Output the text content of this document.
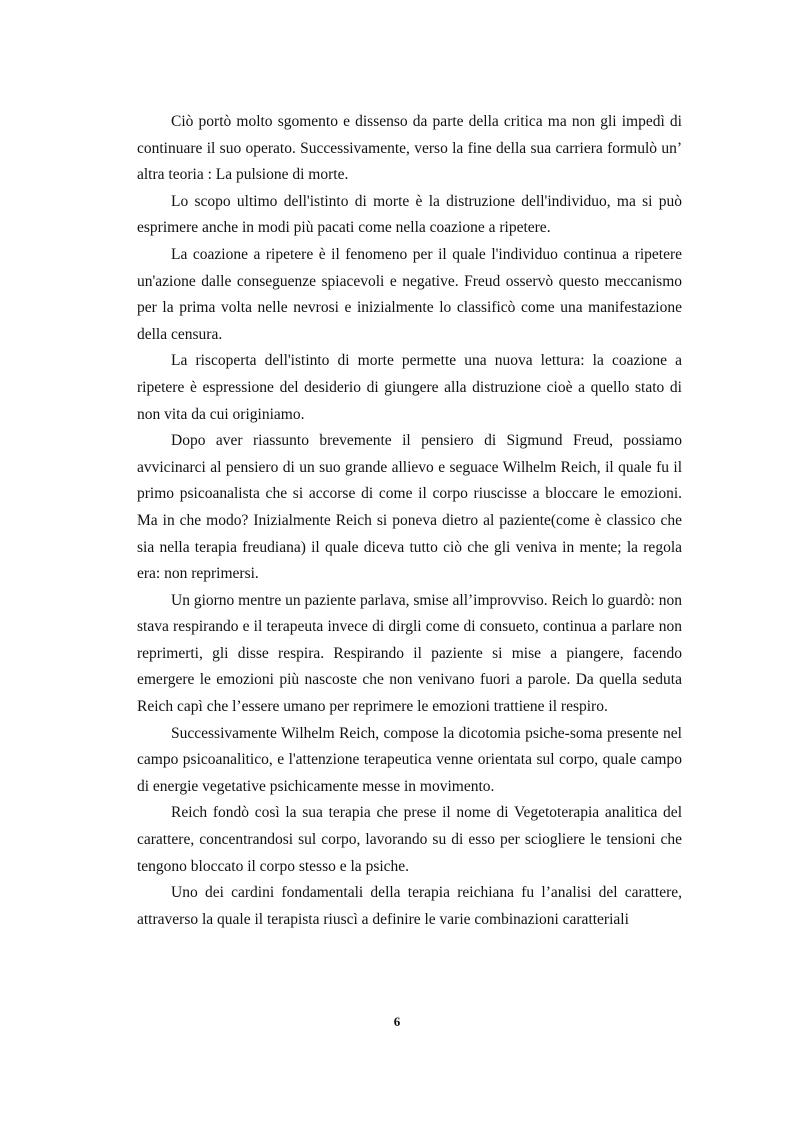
Ciò portò molto sgomento e dissenso da parte della critica ma non gli impedì di continuare il suo operato. Successivamente, verso la fine della sua carriera formulò un’ altra teoria : La pulsione di morte.

Lo scopo ultimo dell'istinto di morte è la distruzione dell'individuo, ma si può esprimere anche in modi più pacati come nella coazione a ripetere.

La coazione a ripetere è il fenomeno per il quale l'individuo continua a ripetere un'azione dalle conseguenze spiacevoli e negative. Freud osservò questo meccanismo per la prima volta nelle nevrosi e inizialmente lo classificò come una manifestazione della censura.

La riscoperta dell'istinto di morte permette una nuova lettura: la coazione a ripetere è espressione del desiderio di giungere alla distruzione cioè a quello stato di non vita da cui originiamo.

Dopo aver riassunto brevemente il pensiero di Sigmund Freud, possiamo avvicinarci al pensiero di un suo grande allievo e seguace Wilhelm Reich, il quale fu il primo psicoanalista che si accorse di come il corpo riuscisse a bloccare le emozioni. Ma in che modo? Inizialmente Reich si poneva dietro al paziente(come è classico che sia nella terapia freudiana) il quale diceva tutto ciò che gli veniva in mente; la regola era: non reprimersi.

Un giorno mentre un paziente parlava, smise all’improvviso. Reich lo guardò: non stava respirando e il terapeuta invece di dirgli come di consueto, continua a parlare non reprimerti, gli disse respira. Respirando il paziente si mise a piangere, facendo emergere le emozioni più nascoste che non venivano fuori a parole. Da quella seduta Reich capì che l’essere umano per reprimere le emozioni trattiene il respiro.

Successivamente Wilhelm Reich, compose la dicotomia psiche-soma presente nel campo psicoanalitico, e l'attenzione terapeutica venne orientata sul corpo, quale campo di energie vegetative psichicamente messe in movimento.

Reich fondò così la sua terapia che prese il nome di Vegetoterapia analitica del carattere, concentrandosi sul corpo, lavorando su di esso per sciogliere le tensioni che tengono bloccato il corpo stesso e la psiche.

Uno dei cardini fondamentali della terapia reichiana fu l’analisi del carattere, attraverso la quale il terapista riuscì a definire le varie combinazioni caratteriali

6
